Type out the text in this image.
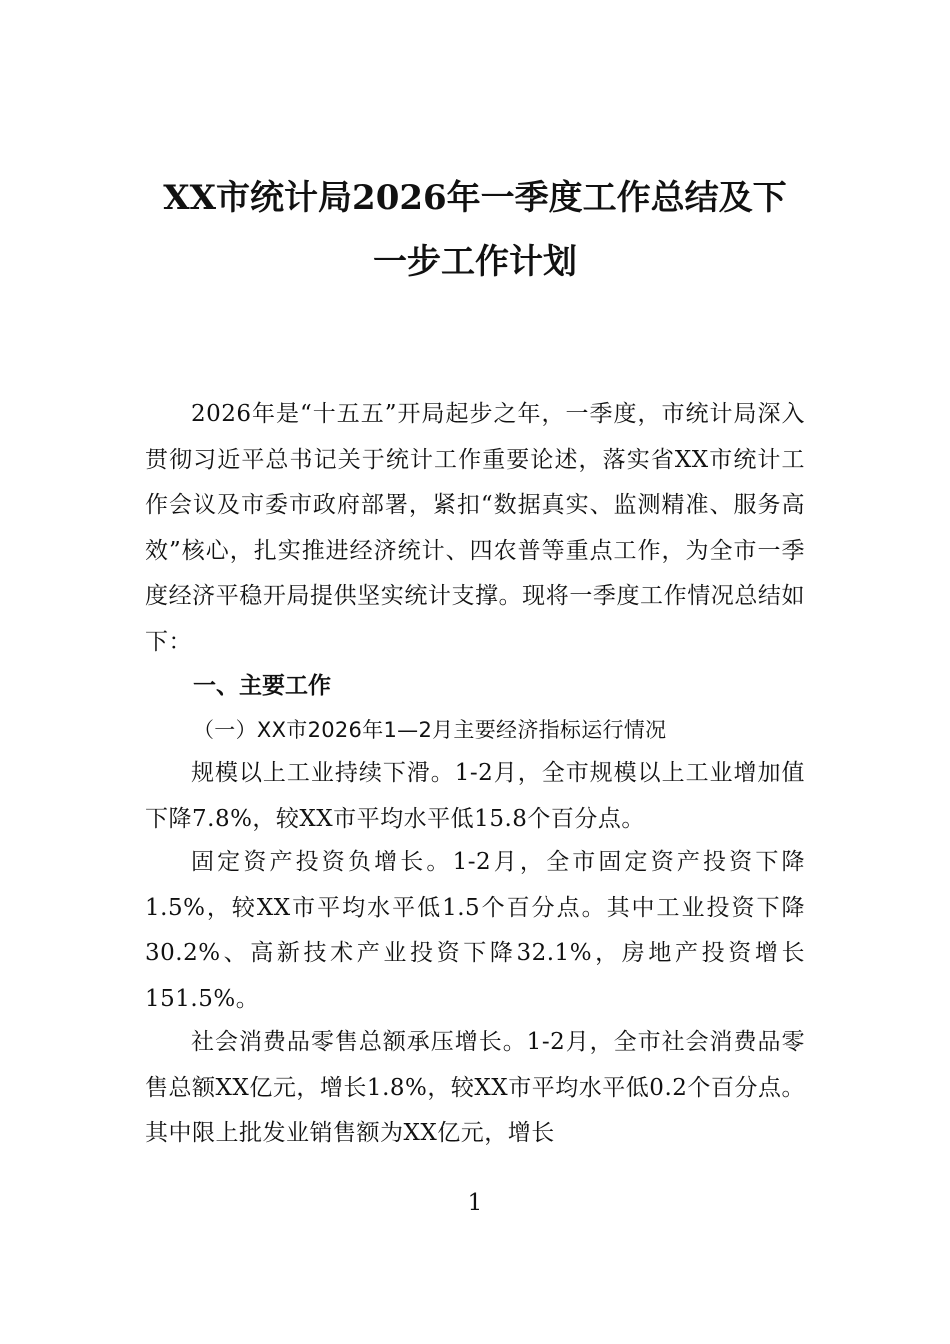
XX市统计局2026年一季度工作总结及下
一步工作计划
2026年是“十五五”开局起步之年，一季度，市统计局深入贯彻习近平总书记关于统计工作重要论述，落实省XX市统计工作会议及市委市政府部署，紧扣“数据真实、监测精准、服务高效”核心，扎实推进经济统计、四农普等重点工作，为全市一季度经济平稳开局提供坚实统计支撑。现将一季度工作情况总结如下：
一、主要工作
（一）XX市2026年1—2月主要经济指标运行情况
规模以上工业持续下滑。1-2月，全市规模以上工业增加值下降7.8%，较XX市平均水平低15.8个百分点。
固定资产投资负增长。1-2月，全市固定资产投资下降1.5%，较XX市平均水平低1.5个百分点。其中工业投资下降30.2%、高新技术产业投资下降32.1%，房地产投资增长151.5%。
社会消费品零售总额承压增长。1-2月，全市社会消费品零售总额XX亿元，增长1.8%，较XX市平均水平低0.2个百分点。其中限上批发业销售额为XX亿元，增长
1
